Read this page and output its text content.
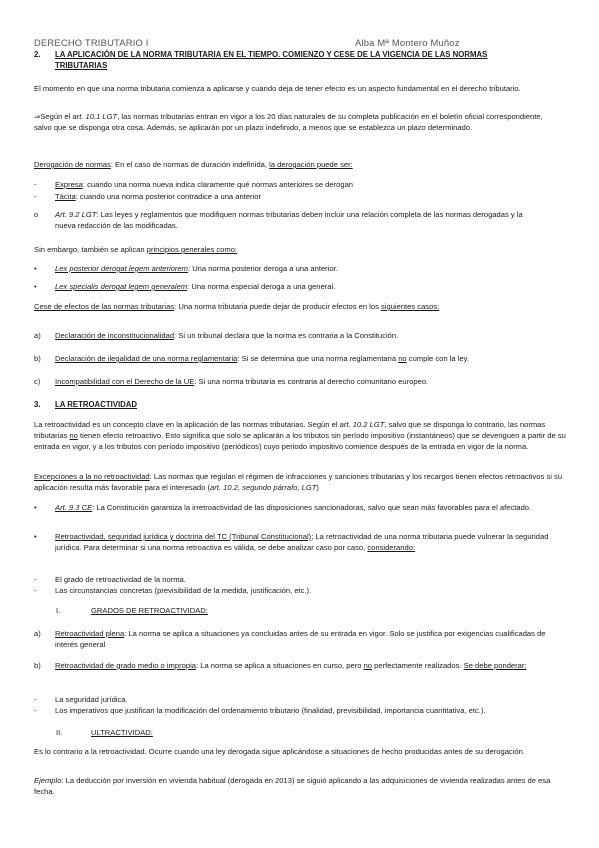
DERECHO TRIBUTARIO I	Alba Mª Montero Muñoz
2. LA APLICACIÓN DE LA NORMA TRIBUTARIA EN EL TIEMPO. COMIENZO Y CESE DE LA VIGENCIA DE LAS NORMAS
TRIBUTARIAS
El momento en que una norma tributaria comienza a aplicarse y cuando deja de tener efecto es un aspecto fundamental en el derecho tributario.
⇒Según el art. 10.1 LGT, las normas tributarias entran en vigor a los 20 días naturales de su completa publicación en el boletín oficial correspondiente, salvo que se disponga otra cosa. Además, se aplicarán por un plazo indefinido, a menos que se establezca un plazo determinado.
Derogación de normas: En el caso de normas de duración indefinida, la derogación puede ser:
- Expresa: cuando una norma nueva indica claramente qué normas anteriores se derogan
- Tácita: cuando una norma posterior contradice a una anterior
o Art. 9.2 LGT: Las leyes y reglamentos que modifiquen normas tributarias deben incluir una relación completa de las normas derogadas y la nueva redacción de las modificadas.
Sin embargo, también se aplican principios generales como:
• Lex posterior derogat legem anteriorem: Una norma posterior deroga a una anterior.
• Lex specialis derogat legem generalem: Una norma especial deroga a una general.
Cese de efectos de las normas tributarias: Una norma tributaria puede dejar de producir efectos en los siguientes casos:
a) Declaración de inconstitucionalidad: Si un tribunal declara que la norma es contraria a la Constitución.
b) Declaración de ilegalidad de una norma reglamentaria: Si se determina que una norma reglamentaria no cumple con la ley.
c) Incompatibilidad con el Derecho de la UE: Si una norma tributaria es contraria al derecho comunitario europeo.
3. LA RETROACTIVIDAD
La retroactividad es un concepto clave en la aplicación de las normas tributarias. Según el art. 10.2 LGT, salvo que se disponga lo contrario, las normas tributarias no tienen efecto retroactivo. Esto significa que solo se aplicarán a los tributos sin período impositivo (instantáneos) que se devenguen a partir de su entrada en vigor, y a los tributos con período impositivo (periódicos) cuyo periodo impositivo comience después de la entrada en vigor de la norma.
Excepciones a la no retroactividad: Las normas que regulan el régimen de infracciones y sanciones tributarias y los recargos tienen efectos retroactivos si su aplicación resulta más favorable para el interesado (art. 10.2, segundo párrafo, LGT)
• Art. 9.3 CE: La Constitución garantiza la irretroactividad de las disposiciones sancionadoras, salvo que sean más favorables para el afectado.
• Retroactividad, seguridad jurídica y doctrina del TC (Tribunal Constitucional); La retroactividad de una norma tributaria puede vulnerar la seguridad jurídica. Para determinar si una norma retroactiva es válida, se debe analizar caso por caso, considerando:
- El grado de retroactividad de la norma.
- Las circunstancias concretas (previsibilidad de la medida, justificación, etc.).
I.	GRADOS DE RETROACTIVIDAD:
a) Retroactividad plena: La norma se aplica a situaciones ya concluidas antes de su entrada en vigor. Solo se justifica por exigencias cualificadas de interés general
b) Retroactividad de grado medio o impropia: La norma se aplica a situaciones en curso, pero no perfectamente realizados. Se debe ponderar:
- La seguridad jurídica.
- Los imperativos que justifican la modificación del ordenamiento tributario (finalidad, previsibilidad, importancia cuantitativa, etc.).
II.	ULTRACTIVIDAD:
Es lo contrario a la retroactividad. Ocurre cuando una ley derogada sigue aplicándose a situaciones de hecho producidas antes de su derogación.
Ejemplo: La deducción por inversión en vivienda habitual (derogada en 2013) se siguió aplicando a las adquisiciones de vivienda realizadas antes de esa fecha.
